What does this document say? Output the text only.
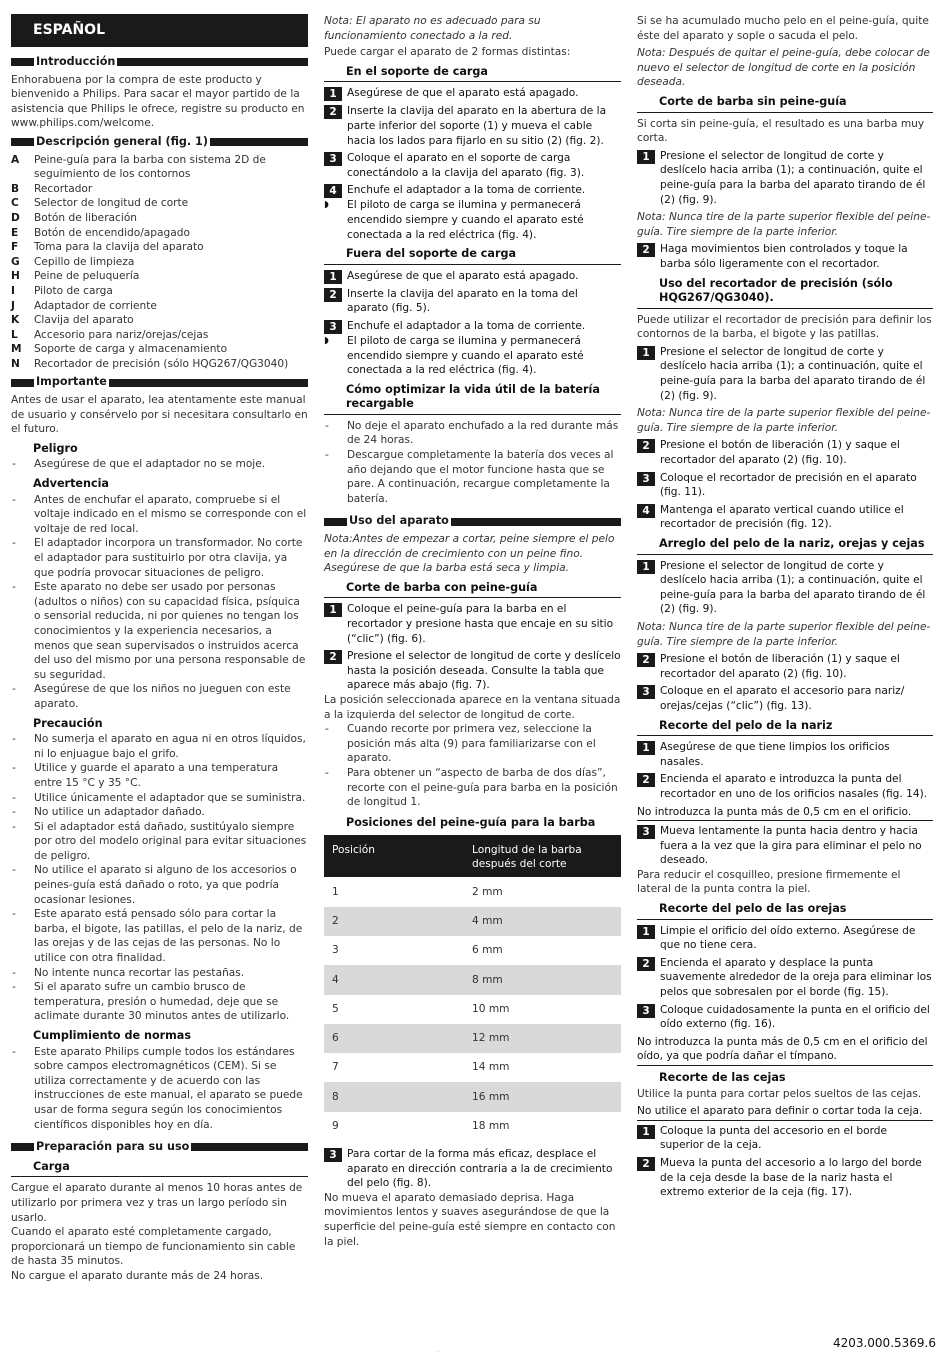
ESPAÑOL
Introducción

Enhorabuena por la compra de este producto y bienvenido a Philips. Para sacar el mayor partido de la asistencia que Philips le ofrece, registre su producto en www.philips.com/welcome.

Descripción general (fig. 1)
A	Peine-guía para la barba con sistema 2D de seguimiento de los contornos
B	Recortador
C	Selector de longitud de corte
D	Botón de liberación
E	Botón de encendido/apagado
F	Toma para la clavija del aparato
G	Cepillo de limpieza
H	Peine de peluquería
I	Piloto de carga
J	Adaptador de corriente
K	Clavija del aparato
L	Accesorio para nariz/orejas/cejas
M	Soporte de carga y almacenamiento
N	Recortador de precisión (sólo HQG267/QG3040)
Importante

Antes de usar el aparato, lea atentamente este manual de usuario y consérvelo por si necesitara consultarlo en el futuro.

Peligro
-	Asegúrese de que el adaptador no se moje.
Advertencia
-	Antes de enchufar el aparato, compruebe si el voltaje indicado en el mismo se corresponde con el voltaje de red local.
-	El adaptador incorpora un transformador. No corte el adaptador para sustituirlo por otra clavija, ya que podría provocar situaciones de peligro.
-	Este aparato no debe ser usado por personas (adultos o niños) con su capacidad física, psíquica o sensorial reducida, ni por quienes no tengan los conocimientos y la experiencia necesarios, a menos que sean supervisados o instruidos acerca del uso del mismo por una persona responsable de su seguridad.
-	Asegúrese de que los niños no jueguen con este aparato.
Precaución
-	No sumerja el aparato en agua ni en otros líquidos, ni lo enjuague bajo el grifo.
-	Utilice y guarde el aparato a una temperatura entre 15 °C y 35 °C.
-	Utilice únicamente el adaptador que se suministra.
-	No utilice un adaptador dañado.
-	Si el adaptador está dañado, sustitúyalo siempre por otro del modelo original para evitar situaciones de peligro.
-	No utilice el aparato si alguno de los accesorios o peines-guía está dañado o roto, ya que podría ocasionar lesiones.
-	Este aparato está pensado sólo para cortar la barba, el bigote, las patillas, el pelo de la nariz, de las orejas y de las cejas de las personas. No lo utilice con otra finalidad.
-	No intente nunca recortar las pestañas.
-	Si el aparato sufre un cambio brusco de temperatura, presión o humedad, deje que se aclimate durante 30 minutos antes de utilizarlo.
Cumplimiento de normas
-	Este aparato Philips cumple todos los estándares sobre campos electromagnéticos (CEM). Si se utiliza correctamente y de acuerdo con las instrucciones de este manual, el aparato se puede usar de forma segura según los conocimientos científicos disponibles hoy en día.
Preparación para su uso
Carga

Cargue el aparato durante al menos 10 horas antes de utilizarlo por primera vez y tras un largo período sin usarlo.

Cuando el aparato esté completamente cargado, proporcionará un tiempo de funcionamiento sin cable de hasta 35 minutos.

No cargue el aparato durante más de 24 horas.

Nota: El aparato no es adecuado para su funcionamiento conectado a la red.

Puede cargar el aparato de 2 formas distintas:

En el soporte de carga
1 Asegúrese de que el aparato está apagado.
2 Inserte la clavija del aparato en la abertura de la parte inferior del soporte (1) y mueva el cable hacia los lados para fijarlo en su sitio (2) (fig. 2).
3 Coloque el aparato en el soporte de carga conectándolo a la clavija del aparato (fig. 3).
4 Enchufe el adaptador a la toma de corriente.
◗	El piloto de carga se ilumina y permanecerá encendido siempre y cuando el aparato esté conectada a la red eléctrica (fig. 4).
Fuera del soporte de carga
1 Asegúrese de que el aparato está apagado.
2 Inserte la clavija del aparato en la toma del aparato (fig. 5).
3 Enchufe el adaptador a la toma de corriente.
◗	El piloto de carga se ilumina y permanecerá encendido siempre y cuando el aparato esté conectada a la red eléctrica (fig. 4).
Cómo optimizar la vida útil de la batería recargable
-	No deje el aparato enchufado a la red durante más de 24 horas.
-	Descargue completamente la batería dos veces al año dejando que el motor funcione hasta que se pare. A continuación, recargue completamente la batería.
Uso del aparato

Nota:Antes de empezar a cortar, peine siempre el pelo en la dirección de crecimiento con un peine fino. Asegúrese de que la barba está seca y limpia.

Corte de barba con peine-guía
1 Coloque el peine-guía para la barba en el recortador y presione hasta que encaje en su sitio (“clic”) (fig. 6).
2 Presione el selector de longitud de corte y deslícelo hasta la posición deseada. Consulte la tabla que aparece más abajo (fig. 7).

La posición seleccionada aparece en la ventana situada a la izquierda del selector de longitud de corte.

-	Cuando recorte por primera vez, seleccione la posición más alta (9) para familiarizarse con el aparato.
-	Para obtener un “aspecto de barba de dos días”, recorte con el peine-guía para barba en la posición de longitud 1.
Posiciones del peine-guía para la barba
Posición	Longitud de la barba después del corte
1	2 mm
2	4 mm
3	6 mm
4	8 mm
5	10 mm
6	12 mm
7	14 mm
8	16 mm
9	18 mm
3 Para cortar de la forma más eficaz, desplace el aparato en dirección contraria a la de crecimiento del pelo (fig. 8).

No mueva el aparato demasiado deprisa. Haga movimientos lentos y suaves asegurándose de que la superficie del peine-guía esté siempre en contacto con la piel.

Si se ha acumulado mucho pelo en el peine-guía, quite éste del aparato y sople o sacuda el pelo.

Nota: Después de quitar el peine-guía, debe colocar de nuevo el selector de longitud de corte en la posición deseada.

Corte de barba sin peine-guía

Si corta sin peine-guía, el resultado es una barba muy corta.

1 Presione el selector de longitud de corte y deslícelo hacia arriba (1); a continuación, quite el peine-guía para la barba del aparato tirando de él (2) (fig. 9).

Nota: Nunca tire de la parte superior flexible del peine-guía. Tire siempre de la parte inferior.

2 Haga movimientos bien controlados y toque la barba sólo ligeramente con el recortador.
Uso del recortador de precisión (sólo HQG267/QG3040).

Puede utilizar el recortador de precisión para definir los contornos de la barba, el bigote y las patillas.

1 Presione el selector de longitud de corte y deslícelo hacia arriba (1); a continuación, quite el peine-guía para la barba del aparato tirando de él (2) (fig. 9).

Nota: Nunca tire de la parte superior flexible del peine-guía. Tire siempre de la parte inferior.

2 Presione el botón de liberación (1) y saque el recortador del aparato (2) (fig. 10).
3 Coloque el recortador de precisión en el aparato (fig. 11).
4 Mantenga el aparato vertical cuando utilice el recortador de precisión (fig. 12).
Arreglo del pelo de la nariz, orejas y cejas
1 Presione el selector de longitud de corte y deslícelo hacia arriba (1); a continuación, quite el peine-guía para la barba del aparato tirando de él (2) (fig. 9).

Nota: Nunca tire de la parte superior flexible del peine-guía. Tire siempre de la parte inferior.

2 Presione el botón de liberación (1) y saque el recortador del aparato (2) (fig. 10).
3 Coloque en el aparato el accesorio para nariz/ orejas/cejas (“clic”) (fig. 13).
Recorte del pelo de la nariz
1 Asegúrese de que tiene limpios los orificios nasales.
2 Encienda el aparato e introduzca la punta del recortador en uno de los orificios nasales (fig. 14).
No introduzca la punta más de 0,5 cm en el orificio.
3 Mueva lentamente la punta hacia dentro y hacia fuera a la vez que la gira para eliminar el pelo no deseado.

Para reducir el cosquilleo, presione firmemente el lateral de la punta contra la piel.

Recorte del pelo de las orejas
1 Limpie el orificio del oído externo. Asegúrese de que no tiene cera.
2 Encienda el aparato y desplace la punta suavemente alrededor de la oreja para eliminar los pelos que sobresalen por el borde (fig. 15).
3 Coloque cuidadosamente la punta en el orificio del oído externo (fig. 16).
No introduzca la punta más de 0,5 cm en el orificio del oído, ya que podría dañar el tímpano.
Recorte de las cejas

Utilice la punta para cortar pelos sueltos de las cejas.

No utilice el aparato para definir o cortar toda la ceja.
1 Coloque la punta del accesorio en el borde superior de la ceja.
2 Mueva la punta del accesorio a lo largo del borde de la ceja desde la base de la nariz hasta el extremo exterior de la ceja (fig. 17).
·
4203.000.5369.6
